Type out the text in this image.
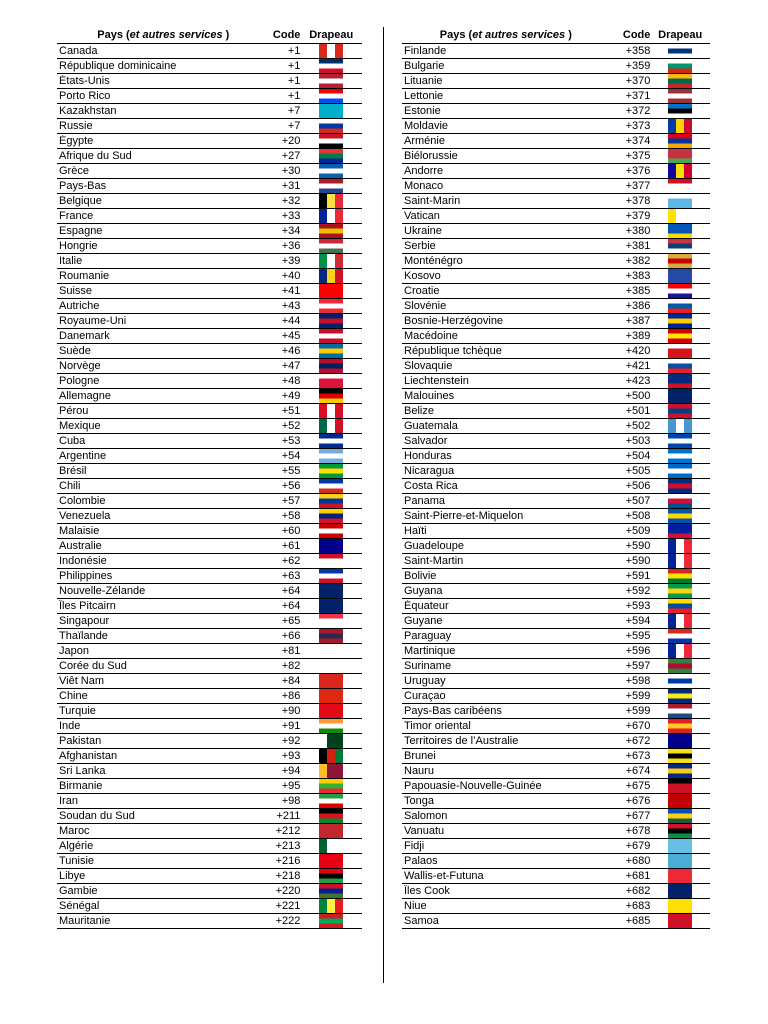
Pays (et autres services )	Code Drapeau
Canada	+1
République dominicaine	+1
États-Unis	+1
Porto Rico	+1
Kazakhstan	+7
Russie	+7
Égypte	+20
Afrique du Sud	+27
Grèce	+30
Pays-Bas	+31
Belgique	+32
France	+33
Espagne	+34
Hongrie	+36
Italie	+39
Roumanie	+40
Suisse	+41
Autriche	+43
Royaume-Uni	+44
Danemark	+45
Suède	+46
Norvège	+47
Pologne	+48
Allemagne	+49
Pérou	+51
Mexique	+52
Cuba	+53
Argentine	+54
Brésil	+55
Chili	+56
Colombie	+57
Venezuela	+58
Malaisie	+60
Australie	+61
Indonésie	+62
Philippines	+63
Nouvelle-Zélande	+64
Îles Pitcairn	+64
Singapour	+65
Thaïlande	+66
Japon	+81
Corée du Sud	+82
Viêt Nam	+84
Chine	+86
Turquie	+90
Inde	+91
Pakistan	+92
Afghanistan	+93
Sri Lanka	+94
Birmanie	+95
Iran	+98
Soudan du Sud	+211
Maroc	+212
Algérie	+213
Tunisie	+216
Libye	+218
Gambie	+220
Sénégal	+221
Mauritanie	+222
Pays (et autres services )	Code Drapeau
Finlande	+358
Bulgarie	+359
Lituanie	+370
Lettonie	+371
Estonie	+372
Moldavie	+373
Arménie	+374
Biélorussie	+375
Andorre	+376
Monaco	+377
Saint-Marin	+378
Vatican	+379
Ukraine	+380
Serbie	+381
Monténégro	+382
Kosovo	+383
Croatie	+385
Slovénie	+386
Bosnie-Herzégovine	+387
Macédoine	+389
République tchèque	+420
Slovaquie	+421
Liechtenstein	+423
Malouines	+500
Belize	+501
Guatemala	+502
Salvador	+503
Honduras	+504
Nicaragua	+505
Costa Rica	+506
Panama	+507
Saint-Pierre-et-Miquelon	+508
Haïti	+509
Guadeloupe	+590
Saint-Martin	+590
Bolivie	+591
Guyana	+592
Équateur	+593
Guyane	+594
Paraguay	+595
Martinique	+596
Suriname	+597
Uruguay	+598
Curaçao	+599
Pays-Bas caribéens	+599
Timor oriental	+670
Territoires de l’Australie	+672
Brunei	+673
Nauru	+674
Papouasie-Nouvelle-Guinée	+675
Tonga	+676
Salomon	+677
Vanuatu	+678
Fidji	+679
Palaos	+680
Wallis-et-Futuna	+681
Îles Cook	+682
Niue	+683
Samoa	+685
